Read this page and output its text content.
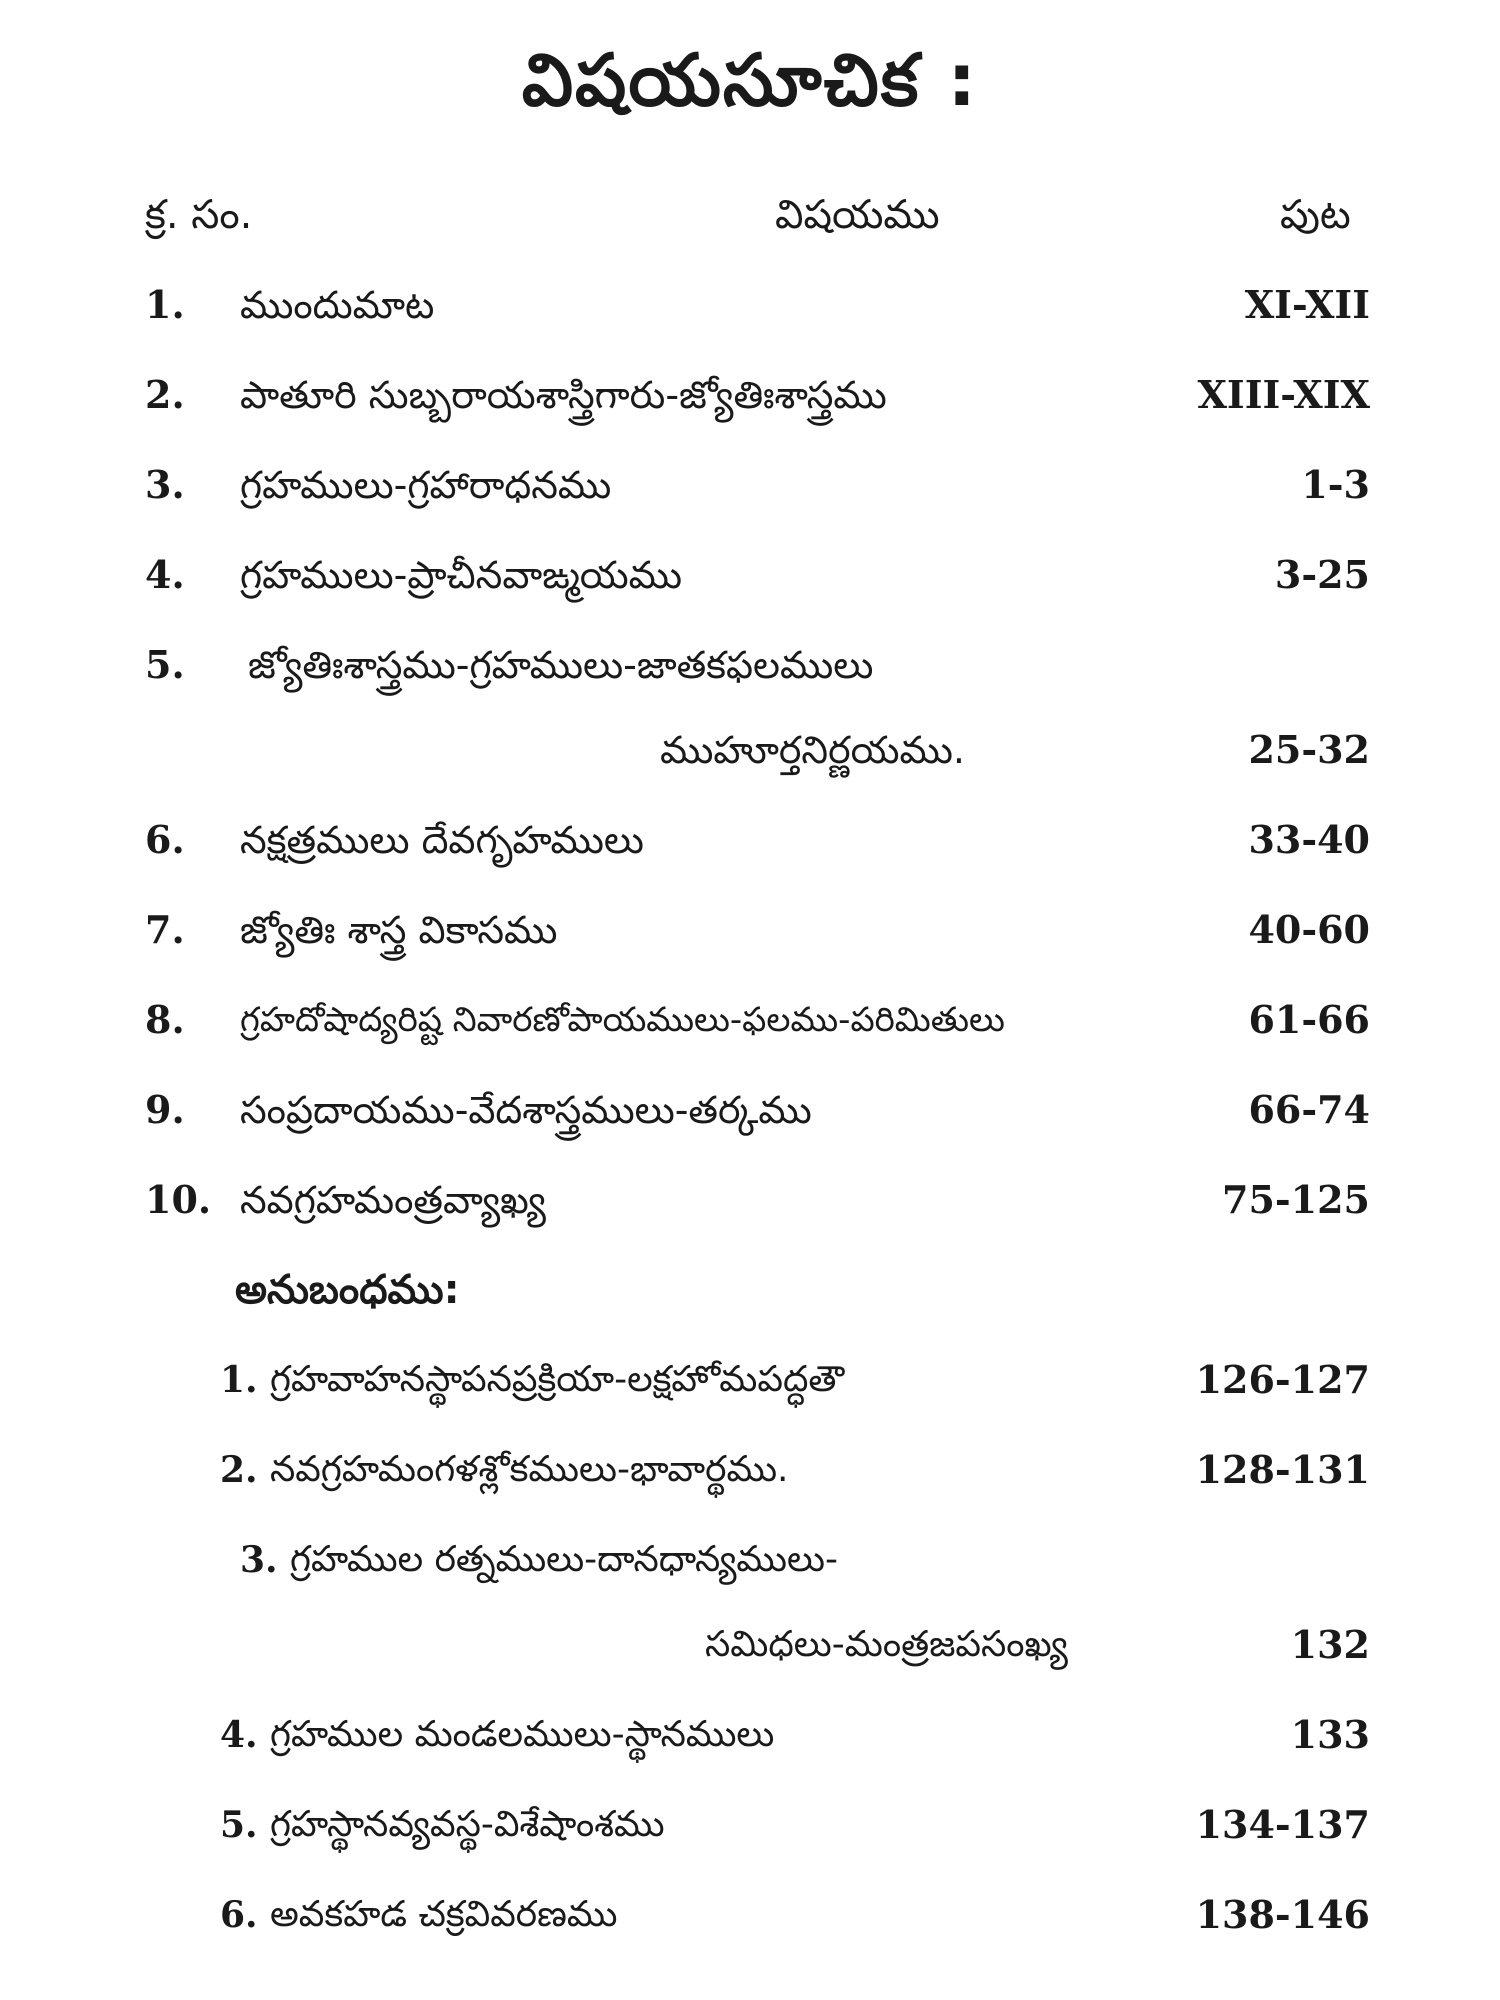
విషయసూచిక :
క్ర. సం.	విషయము	పుట
1. ముందుమాట	XI-XII
2. పాతూరి సుబ్బరాయశాస్త్రిగారు-జ్యోతిఃశాస్త్రము	XIII-XIX
3. గ్రహములు-గ్రహారాధనము	1-3
4. గ్రహములు-ప్రాచీనవాఙ్మయము	3-25
5. జ్యోతిఃశాస్త్రము-గ్రహములు-జాతకఫలములు
ముహూర్తనిర్ణయము.	25-32
6. నక్షత్రములు దేవగృహములు	33-40
7. జ్యోతిః శాస్త్ర వికాసము	40-60
8. గ్రహదోషాద్యరిష్ట నివారణోపాయములు-ఫలము-పరిమితులు	61-66
9. సంప్రదాయము-వేదశాస్త్రములు-తర్కము	66-74
10. నవగ్రహమంత్రవ్యాఖ్య	75-125
అనుబంధము:
1. గ్రహవాహనస్థాపనప్రక్రియా-లక్షహోమపద్ధతౌ	126-127
2. నవగ్రహమంగళశ్లోకములు-భావార్థము.	128-131
3. గ్రహముల రత్నములు-దానధాన్యములు-
సమిధలు-మంత్రజపసంఖ్య	132
4. గ్రహముల మండలములు-స్థానములు	133
5. గ్రహస్థానవ్యవస్థ-విశేషాంశము	134-137
6. అవకహడ చక్రవివరణము	138-146
